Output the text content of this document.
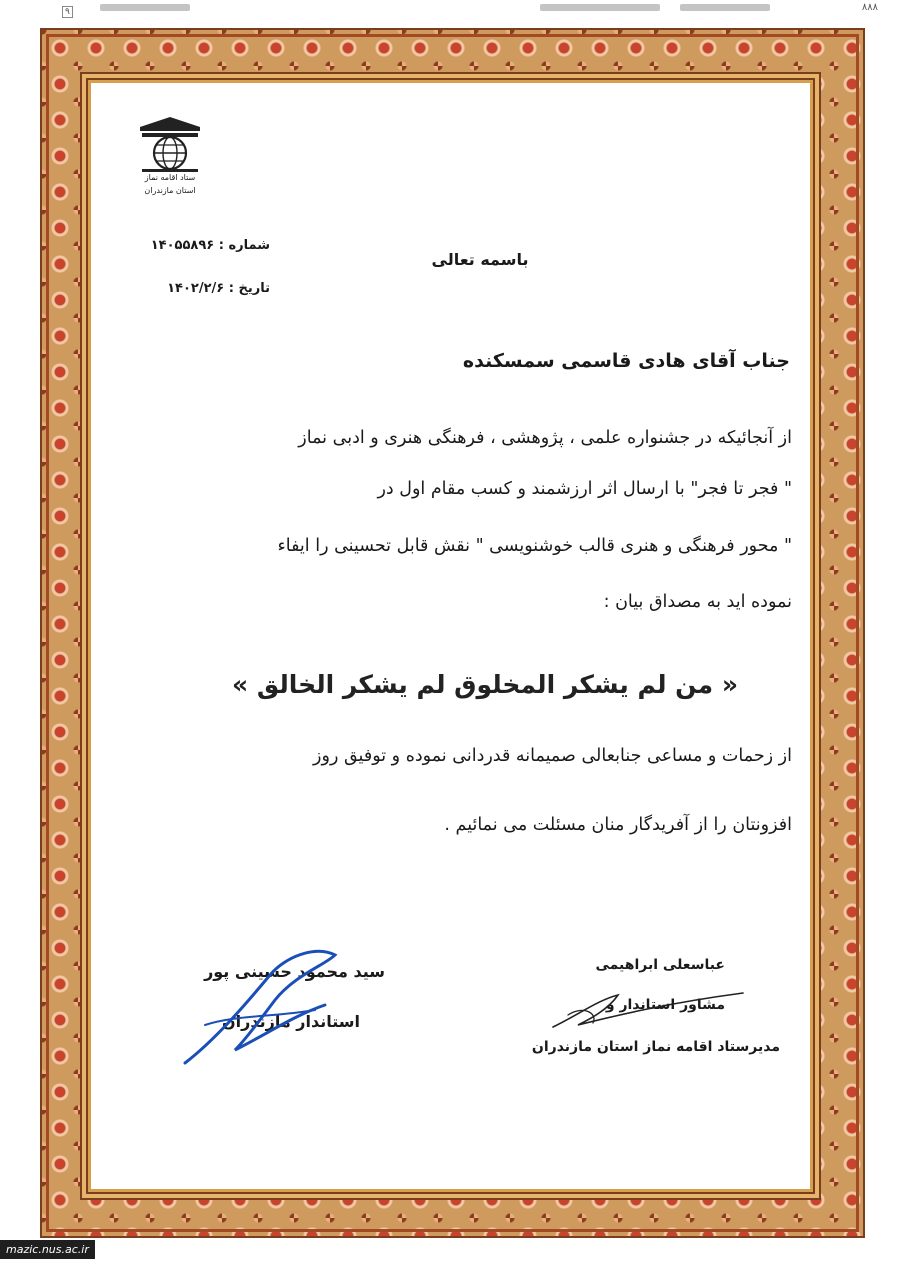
۸۸۸
۹
ستاد اقامه نماز
استان مازندران
باسمه تعالی
شماره : ۱۴۰۵۵۸۹۶
تاریخ : ۱۴۰۲/۲/۶
جناب آقای هادی قاسمی سمسکنده
از آنجائیکه در جشنواره علمی ، پژوهشی ، فرهنگی هنری و ادبی نماز
" فجر تا فجر" با ارسال اثر ارزشمند و کسب مقام اول در
" محور فرهنگی و هنری قالب خوشنویسی " نقش قابل تحسینی را ایفاء
نموده اید به مصداق بیان :
« من لم یشکر المخلوق لم یشکر الخالق »
از زحمات و مساعی جنابعالی صمیمانه قدردانی نموده و توفیق روز
افزونتان را از آفریدگار منان مسئلت می نمائیم .
سید محمود حسینی پور
استاندار مازندران
عباسعلی ابراهیمی
مشاور استاندار و
مدیرستاد اقامه نماز استان مازندران
mazic.nus.ac.ir
